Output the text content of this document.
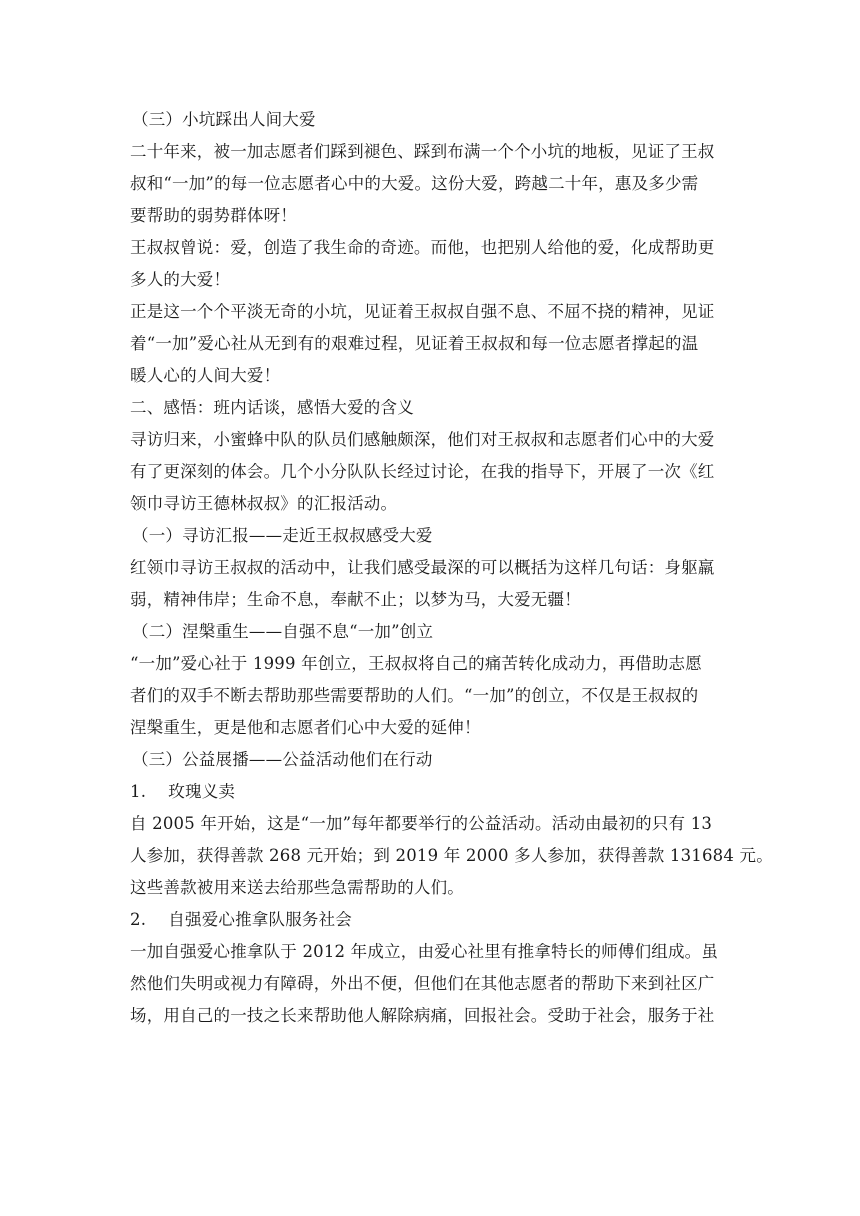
（三）小坑踩出人间大爱
二十年来，被一加志愿者们踩到褪色、踩到布满一个个小坑的地板，见证了王叔
叔和“一加”的每一位志愿者心中的大爱。这份大爱，跨越二十年，惠及多少需
要帮助的弱势群体呀！
王叔叔曾说：爱，创造了我生命的奇迹。而他，也把别人给他的爱，化成帮助更
多人的大爱！
正是这一个个平淡无奇的小坑，见证着王叔叔自强不息、不屈不挠的精神，见证
着“一加”爱心社从无到有的艰难过程，见证着王叔叔和每一位志愿者撑起的温
暖人心的人间大爱！
二、感悟：班内话谈，感悟大爱的含义
寻访归来，小蜜蜂中队的队员们感触颇深，他们对王叔叔和志愿者们心中的大爱
有了更深刻的体会。几个小分队队长经过讨论，在我的指导下，开展了一次《红
领巾寻访王德林叔叔》的汇报活动。
（一）寻访汇报——走近王叔叔感受大爱
红领巾寻访王叔叔的活动中，让我们感受最深的可以概括为这样几句话：身躯羸
弱，精神伟岸；生命不息，奉献不止；以梦为马，大爱无疆！
（二）涅槃重生——自强不息“一加”创立
“一加”爱心社于 1999 年创立，王叔叔将自己的痛苦转化成动力，再借助志愿
者们的双手不断去帮助那些需要帮助的人们。“一加”的创立，不仅是王叔叔的
涅槃重生，更是他和志愿者们心中大爱的延伸！
（三）公益展播——公益活动他们在行动
1.　 玫瑰义卖
自 2005 年开始，这是“一加”每年都要举行的公益活动。活动由最初的只有 13
人参加，获得善款 268 元开始；到 2019 年 2000 多人参加，获得善款 131684 元。
这些善款被用来送去给那些急需帮助的人们。
2.　 自强爱心推拿队服务社会
一加自强爱心推拿队于 2012 年成立，由爱心社里有推拿特长的师傅们组成。虽
然他们失明或视力有障碍，外出不便，但他们在其他志愿者的帮助下来到社区广
场，用自己的一技之长来帮助他人解除病痛，回报社会。受助于社会，服务于社
